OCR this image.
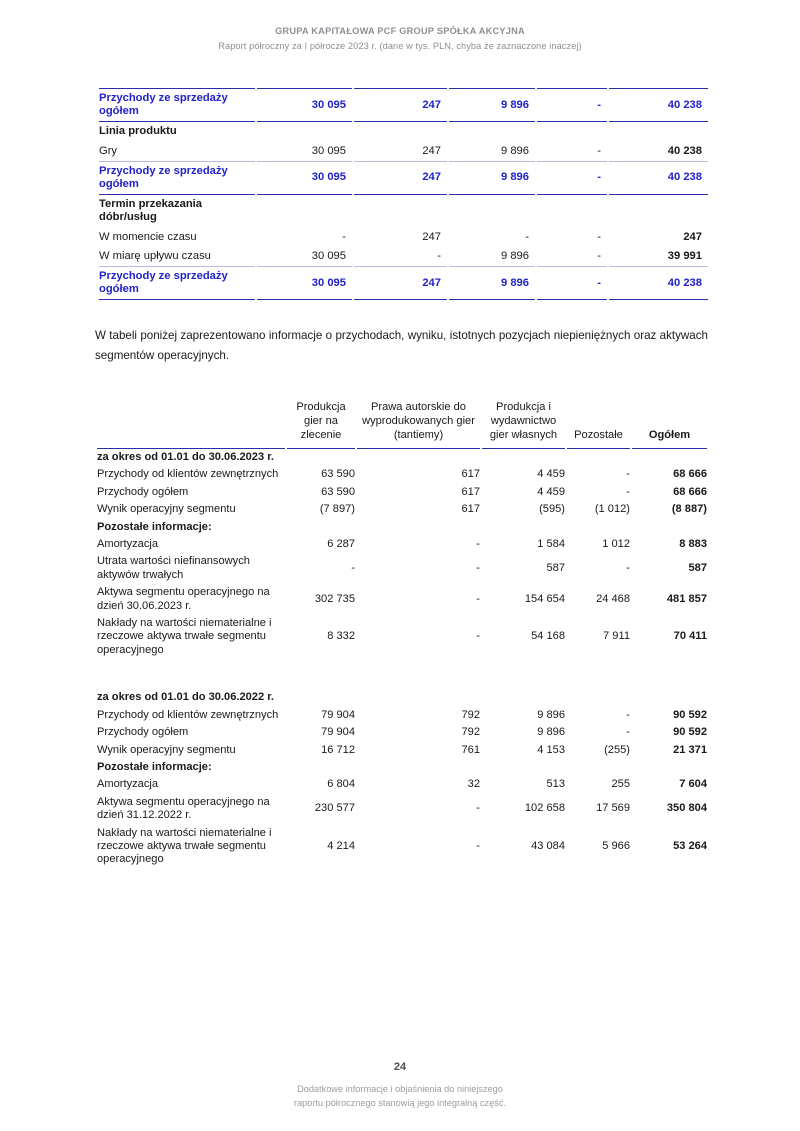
GRUPA KAPITAŁOWA PCF GROUP SPÓŁKA AKCYJNA
Raport półroczny za I półrocze 2023 r. (dane w tys. PLN, chyba że zaznaczone inaczej)
Przychody ze sprzedaży ogółem	30 095	247	9 896	-	40 238
Linia produktu					
Gry	30 095	247	9 896	-	40 238
Przychody ze sprzedaży ogółem	30 095	247	9 896	-	40 238
Termin przekazania dóbr/usług					
W momencie czasu	-	247	-	-	247
W miarę upływu czasu	30 095	-	9 896	-	39 991
Przychody ze sprzedaży ogółem	30 095	247	9 896	-	40 238
W tabeli poniżej zaprezentowano informacje o przychodach, wyniku, istotnych pozycjach niepieniężnych oraz aktywach segmentów operacyjnych.
	Produkcja gier na zlecenie	Prawa autorskie do wyprodukowanych gier (tantiemy)	Produkcja i wydawnictwo gier własnych	Pozostałe	Ogółem
za okres od 01.01 do 30.06.2023 r.					
Przychody od klientów zewnętrznych	63 590	617	4 459	-	68 666
Przychody ogółem	63 590	617	4 459	-	68 666
Wynik operacyjny segmentu	(7 897)	617	(595)	(1 012)	(8 887)
Pozostałe informacje:					
Amortyzacja	6 287	-	1 584	1 012	8 883
Utrata wartości niefinansowych aktywów trwałych	-	-	587	-	587
Aktywa segmentu operacyjnego na dzień 30.06.2023 r.	302 735	-	154 654	24 468	481 857
Nakłady na wartości niematerialne i rzeczowe aktywa trwałe segmentu operacyjnego	8 332	-	54 168	7 911	70 411

za okres od 01.01 do 30.06.2022 r.					
Przychody od klientów zewnętrznych	79 904	792	9 896	-	90 592
Przychody ogółem	79 904	792	9 896	-	90 592
Wynik operacyjny segmentu	16 712	761	4 153	(255)	21 371
Pozostałe informacje:					
Amortyzacja	6 804	32	513	255	7 604
Aktywa segmentu operacyjnego na dzień 31.12.2022 r.	230 577	-	102 658	17 569	350 804
Nakłady na wartości niematerialne i rzeczowe aktywa trwałe segmentu operacyjnego	4 214	-	43 084	5 966	53 264
24
Dodatkowe informacje i objaśnienia do niniejszego
raportu półrocznego stanowią jego integralną część.
